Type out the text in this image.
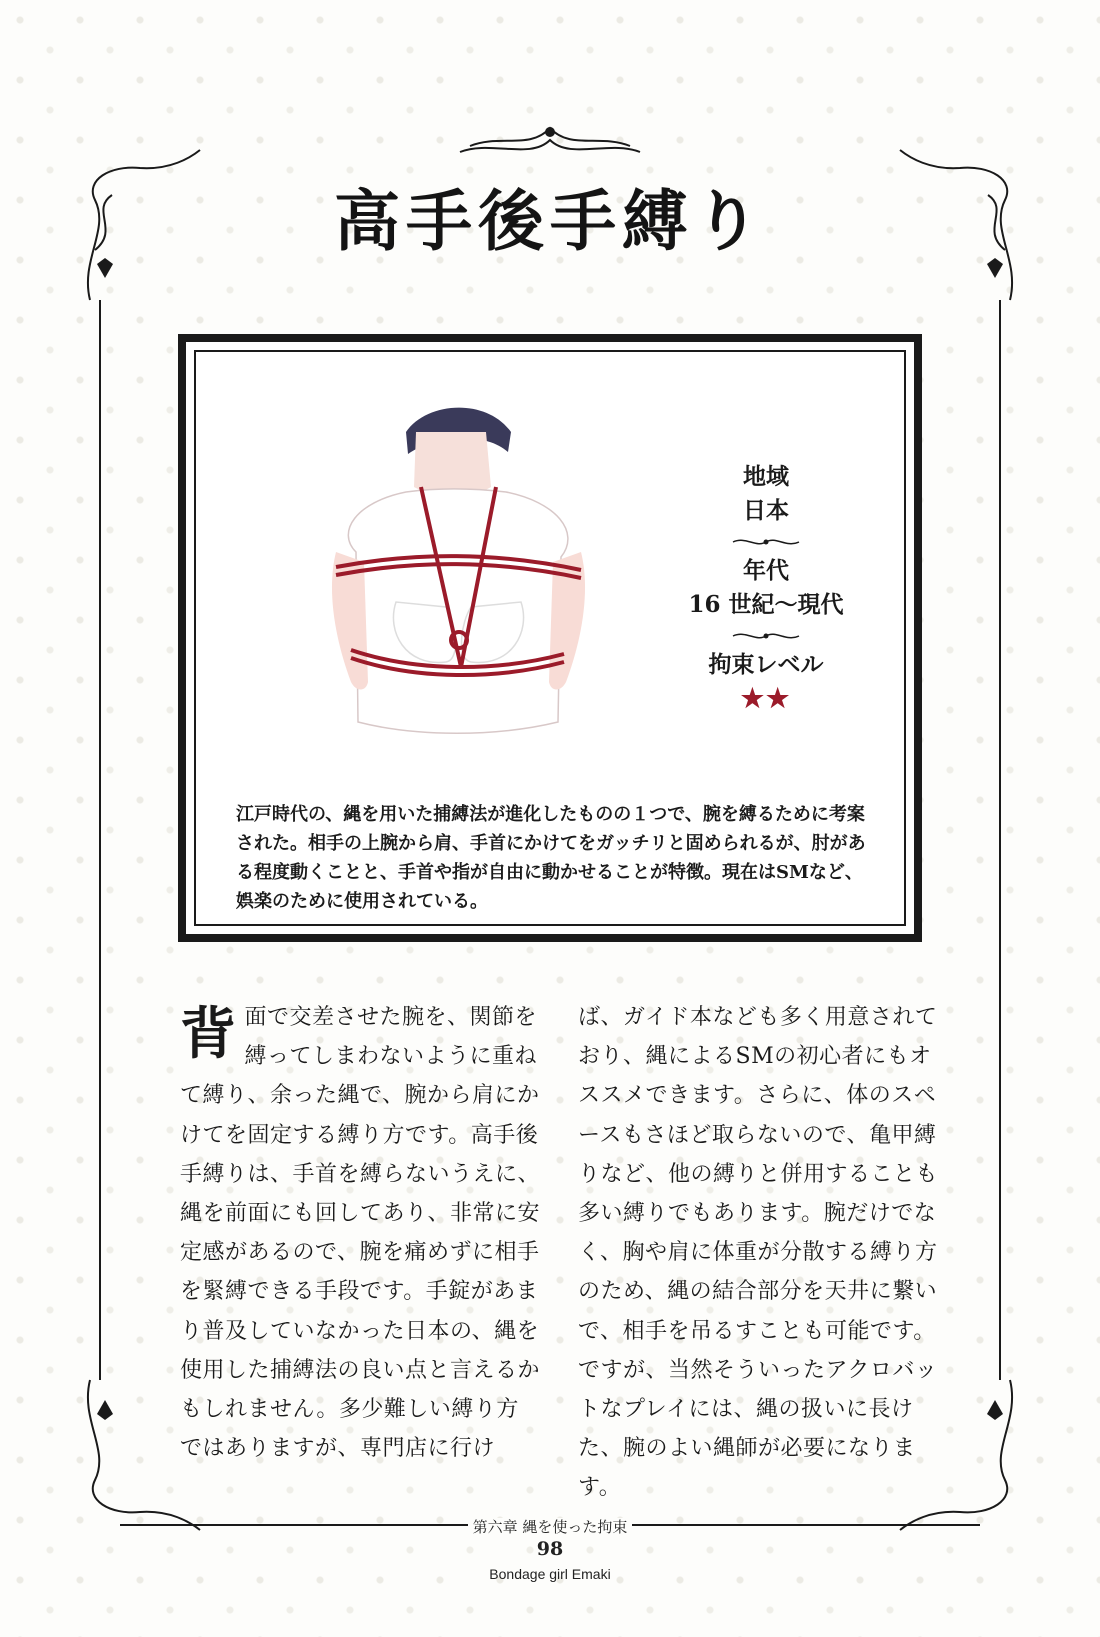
高手後手縛り
地域
日本
年代
16 世紀〜現代
拘束レベル
★★

江戸時代の、縄を用いた捕縛法が進化したものの１つで、腕を縛るために考案された。相手の上腕から肩、手首にかけてをガッチリと固められるが、肘がある程度動くことと、手首や指が自由に動かせることが特徴。現在はSMなど、娯楽のために使用されている。

背 面で交差させた腕を、関節を縛ってしまわないように重ねて縛り、余った縄で、腕から肩にかけてを固定する縛り方です。高手後手縛りは、手首を縛らないうえに、縄を前面にも回してあり、非常に安定感があるので、腕を痛めずに相手を緊縛できる手段です。手錠があまり普及していなかった日本の、縄を使用した捕縛法の良い点と言えるかもしれません。多少難しい縛り方ではありますが、専門店に行け
ば、ガイド本なども多く用意されており、縄によるSMの初心者にもオススメできます。さらに、体のスペースもさほど取らないので、亀甲縛りなど、他の縛りと併用することも多い縛りでもあります。腕だけでなく、胸や肩に体重が分散する縛り方のため、縄の結合部分を天井に繋いで、相手を吊るすことも可能です。ですが、当然そういったアクロバットなプレイには、縄の扱いに長けた、腕のよい縄師が必要になります。
第六章 縄を使った拘束
98
Bondage girl Emaki
